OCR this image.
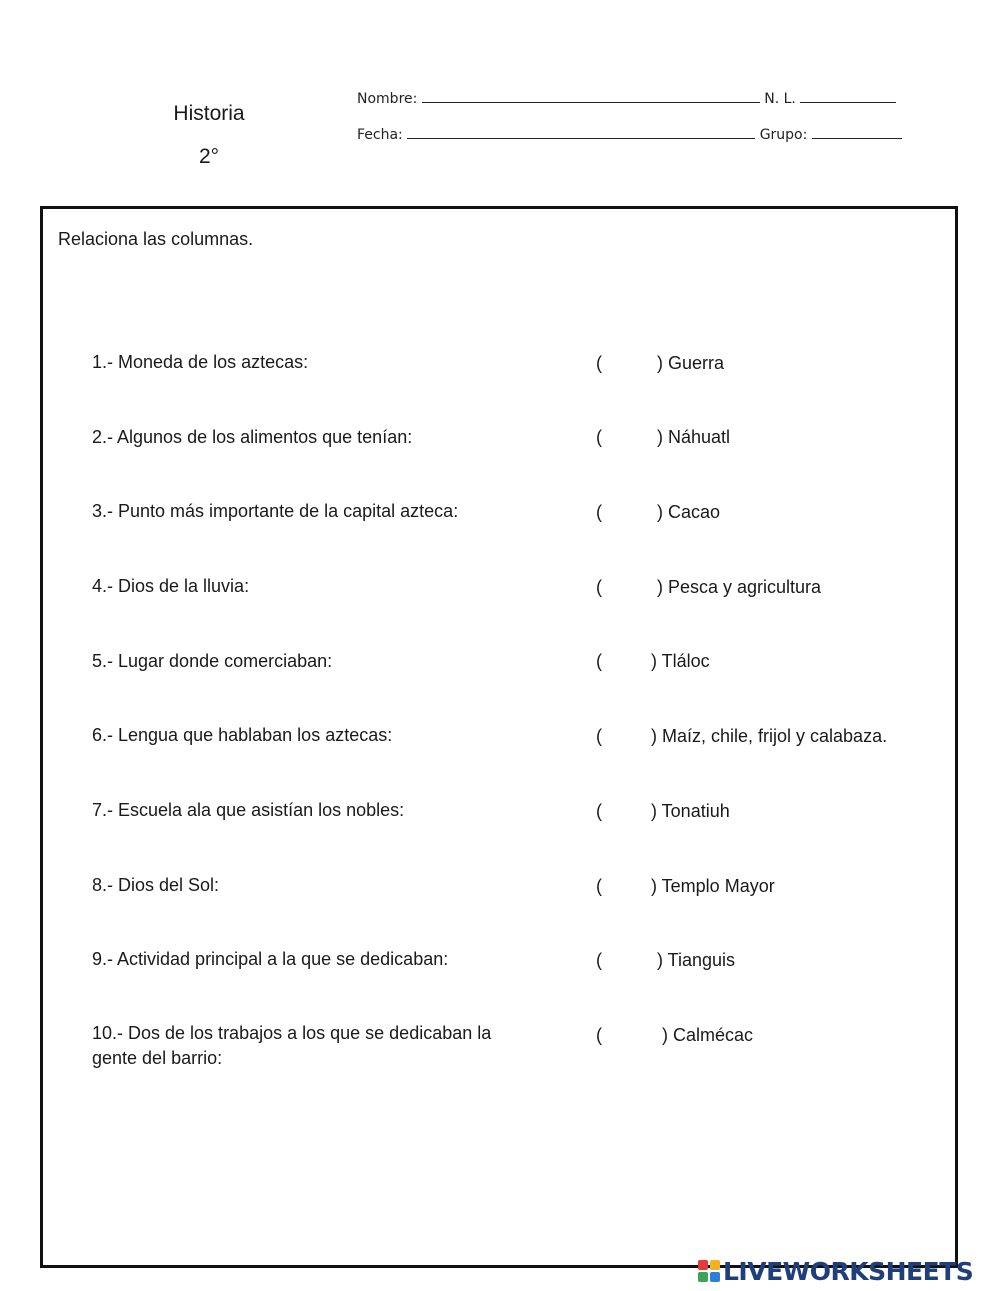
Historia
2°
Nombre:	N. L.
Fecha:	Grupo:
Relaciona las columnas.
1.- Moneda de los aztecas:
2.- Algunos de los alimentos que tenían:
3.- Punto más importante de la capital azteca:
4.- Dios de la lluvia:
5.- Lugar donde comerciaban:
6.- Lengua que hablaban los aztecas:
7.- Escuela ala que asistían los nobles:
8.- Dios del Sol:
9.- Actividad principal a la que se dedicaban:
10.- Dos de los trabajos a los que se dedicaban la gente del barrio:
(
(
(
(
(
(
(
(
(
(
) Guerra
) Náhuatl
) Cacao
) Pesca y agricultura
) Tláloc
) Maíz, chile, frijol y calabaza.
) Tonatiuh
) Templo Mayor
) Tianguis
) Calmécac
LIVEWORKSHEETS
